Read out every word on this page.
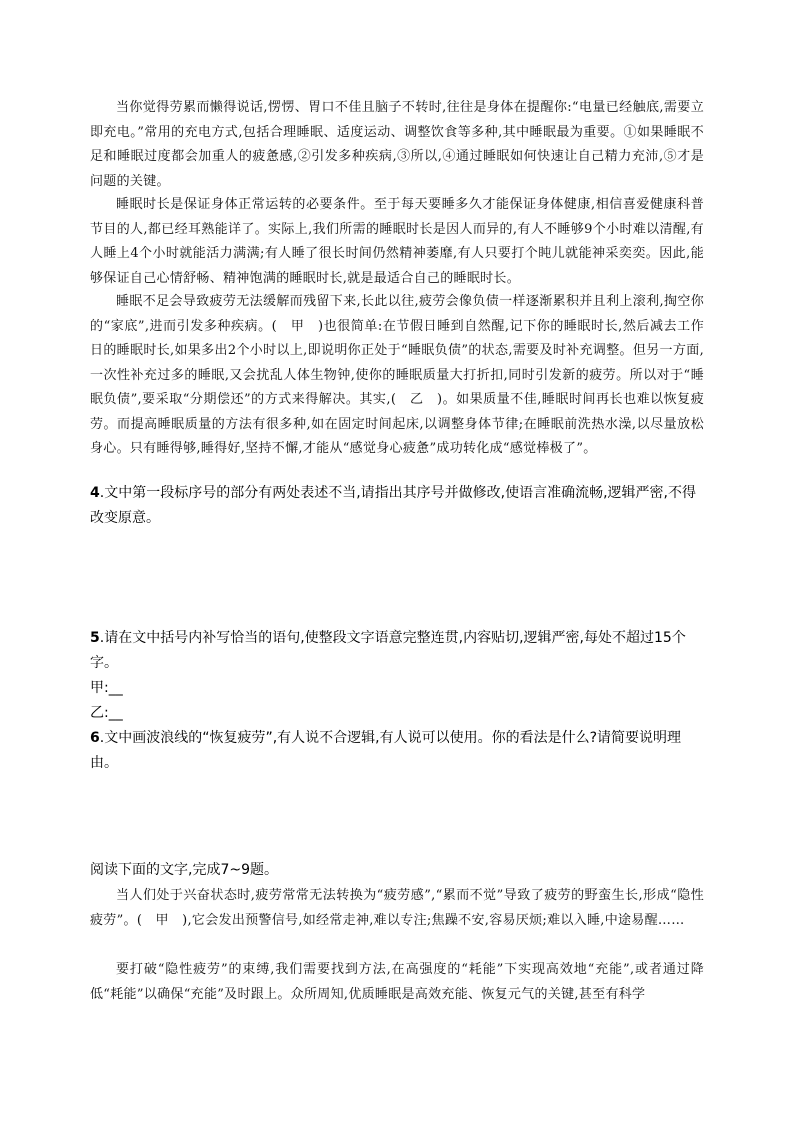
当你觉得劳累而懒得说话,愣愣、胃口不佳且脑子不转时,往往是身体在提醒你:“电量已经触底,需要立即充电。”常用的充电方式,包括合理睡眠、适度运动、调整饮食等多种,其中睡眠最为重要。①如果睡眠不足和睡眠过度都会加重人的疲惫感,②引发多种疾病,③所以,④通过睡眠如何快速让自己精力充沛,⑤才是问题的关键。

睡眠时长是保证身体正常运转的必要条件。至于每天要睡多久才能保证身体健康,相信喜爱健康科普节目的人,都已经耳熟能详了。实际上,我们所需的睡眠时长是因人而异的,有人不睡够9个小时难以清醒,有人睡上4个小时就能活力满满;有人睡了很长时间仍然精神萎靡,有人只要打个盹儿就能神采奕奕。因此,能够保证自己心情舒畅、精神饱满的睡眠时长,就是最适合自己的睡眠时长。

睡眠不足会导致疲劳无法缓解而残留下来,长此以往,疲劳会像负债一样逐渐累积并且利上滚利,掏空你的“家底”,进而引发多种疾病。(　甲　)也很简单:在节假日睡到自然醒,记下你的睡眠时长,然后减去工作日的睡眠时长,如果多出2个小时以上,即说明你正处于“睡眠负债”的状态,需要及时补充调整。但另一方面,一次性补充过多的睡眠,又会扰乱人体生物钟,使你的睡眠质量大打折扣,同时引发新的疲劳。所以对于“睡眠负债”,要采取“分期偿还”的方式来得解决。其实,(　乙　)。如果质量不佳,睡眠时间再长也难以恢复疲劳。而提高睡眠质量的方法有很多种,如在固定时间起床,以调整身体节律;在睡眠前洗热水澡,以尽量放松身心。只有睡得够,睡得好,坚持不懈,才能从“感觉身心疲惫”成功转化成“感觉棒极了”。

4.文中第一段标序号的部分有两处表述不当,请指出其序号并做修改,使语言准确流畅,逻辑严密,不得改变原意。

5.请在文中括号内补写恰当的语句,使整段文字语意完整连贯,内容贴切,逻辑严密,每处不超过15个字。

甲:__

乙:__

6.文中画波浪线的“恢复疲劳”,有人说不合逻辑,有人说可以使用。你的看法是什么?请简要说明理由。

阅读下面的文字,完成7~9题。

当人们处于兴奋状态时,疲劳常常无法转换为“疲劳感”,“累而不觉”导致了疲劳的野蛮生长,形成“隐性疲劳”。(　甲　),它会发出预警信号,如经常走神,难以专注;焦躁不安,容易厌烦;难以入睡,中途易醒……

要打破“隐性疲劳”的束缚,我们需要找到方法,在高强度的“耗能”下实现高效地“充能”,或者通过降低“耗能”以确保“充能”及时跟上。众所周知,优质睡眠是高效充能、恢复元气的关键,甚至有科学
